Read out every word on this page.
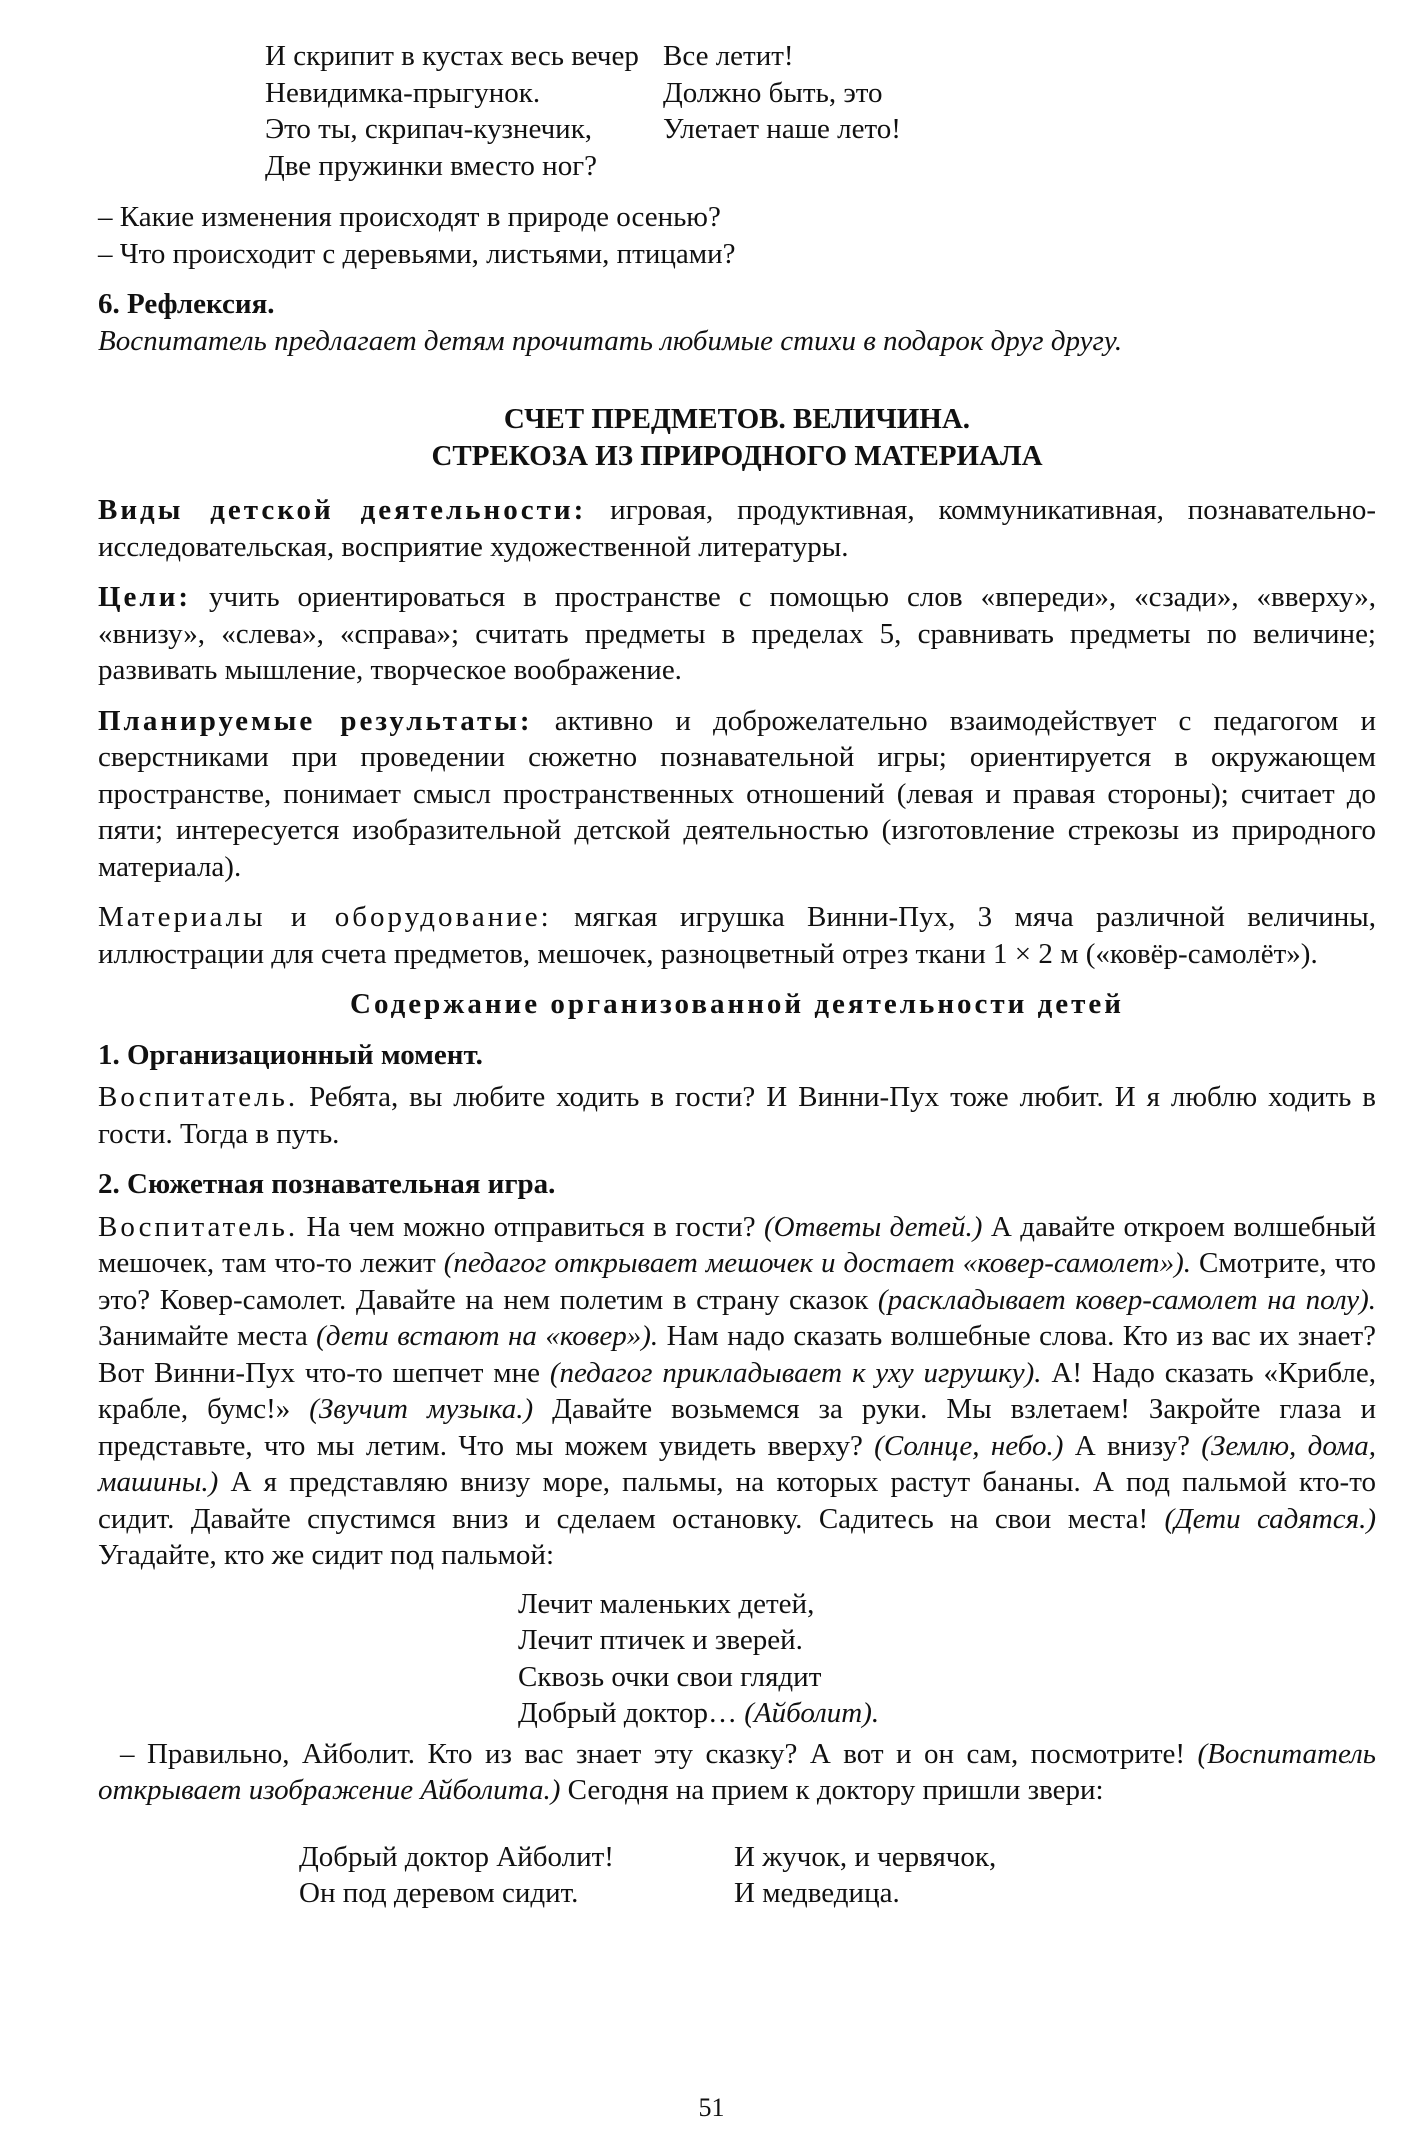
И скрипит в кустах весь вечер
Невидимка-прыгунок.
Это ты, скрипач-кузнечик,
Две пружинки вместо ног?
Все летит!
Должно быть, это
Улетает наше лето!

– Какие изменения происходят в природе осенью?

– Что происходит с деревьями, листьями, птицами?

6. Рефлексия.

Воспитатель предлагает детям прочитать любимые стихи в подарок друг другу.

СЧЕТ ПРЕДМЕТОВ. ВЕЛИЧИНА.

СТРЕКОЗА ИЗ ПРИРОДНОГО МАТЕРИАЛА

Виды детской деятельности: игровая, продуктивная, коммуникативная, познавательно-исследовательская, восприятие художественной литературы.

Цели: учить ориентироваться в пространстве с помощью слов «впереди», «сзади», «вверху», «внизу», «слева», «справа»; считать предметы в пределах 5, сравнивать предметы по величине; развивать мышление, творческое воображение.

Планируемые результаты: активно и доброжелательно взаимодействует с педагогом и сверстниками при проведении сюжетно познавательной игры; ориентируется в окружающем пространстве, понимает смысл пространственных отношений (левая и правая стороны); считает до пяти; интересуется изобразительной детской деятельностью (изготовление стрекозы из природного материала).

Материалы и оборудование: мягкая игрушка Винни-Пух, 3 мяча различной величины, иллюстрации для счета предметов, мешочек, разноцветный отрез ткани 1 × 2 м («ковёр-самолёт»).

Содержание организованной деятельности детей

1. Организационный момент.

Воспитатель. Ребята, вы любите ходить в гости? И Винни-Пух тоже любит. И я люблю ходить в гости. Тогда в путь.

2. Сюжетная познавательная игра.

Воспитатель. На чем можно отправиться в гости? (Ответы детей.) А давайте откроем волшебный мешочек, там что-то лежит (педагог открывает мешочек и достает «ковер-самолет»). Смотрите, что это? Ковер-самолет. Давайте на нем полетим в страну сказок (раскладывает ковер-самолет на полу). Занимайте места (дети встают на «ковер»). Нам надо сказать волшебные слова. Кто из вас их знает? Вот Винни-Пух что-то шепчет мне (педагог прикладывает к уху игрушку). А! Надо сказать «Крибле, крабле, бумс!» (Звучит музыка.) Давайте возьмемся за руки. Мы взлетаем! Закройте глаза и представьте, что мы летим. Что мы можем увидеть вверху? (Солнце, небо.) А внизу? (Землю, дома, машины.) А я представляю внизу море, пальмы, на которых растут бананы. А под пальмой кто-то сидит. Давайте спустимся вниз и сделаем остановку. Садитесь на свои места! (Дети садятся.) Угадайте, кто же сидит под пальмой:

Лечит маленьких детей,
Лечит птичек и зверей.
Сквозь очки свои глядит
Добрый доктор… (Айболит).

– Правильно, Айболит. Кто из вас знает эту сказку? А вот и он сам, посмотрите! (Воспитатель открывает изображение Айболита.) Сегодня на прием к доктору пришли звери:

Добрый доктор Айболит!
Он под деревом сидит.
И жучок, и червячок,
И медведица.
51
